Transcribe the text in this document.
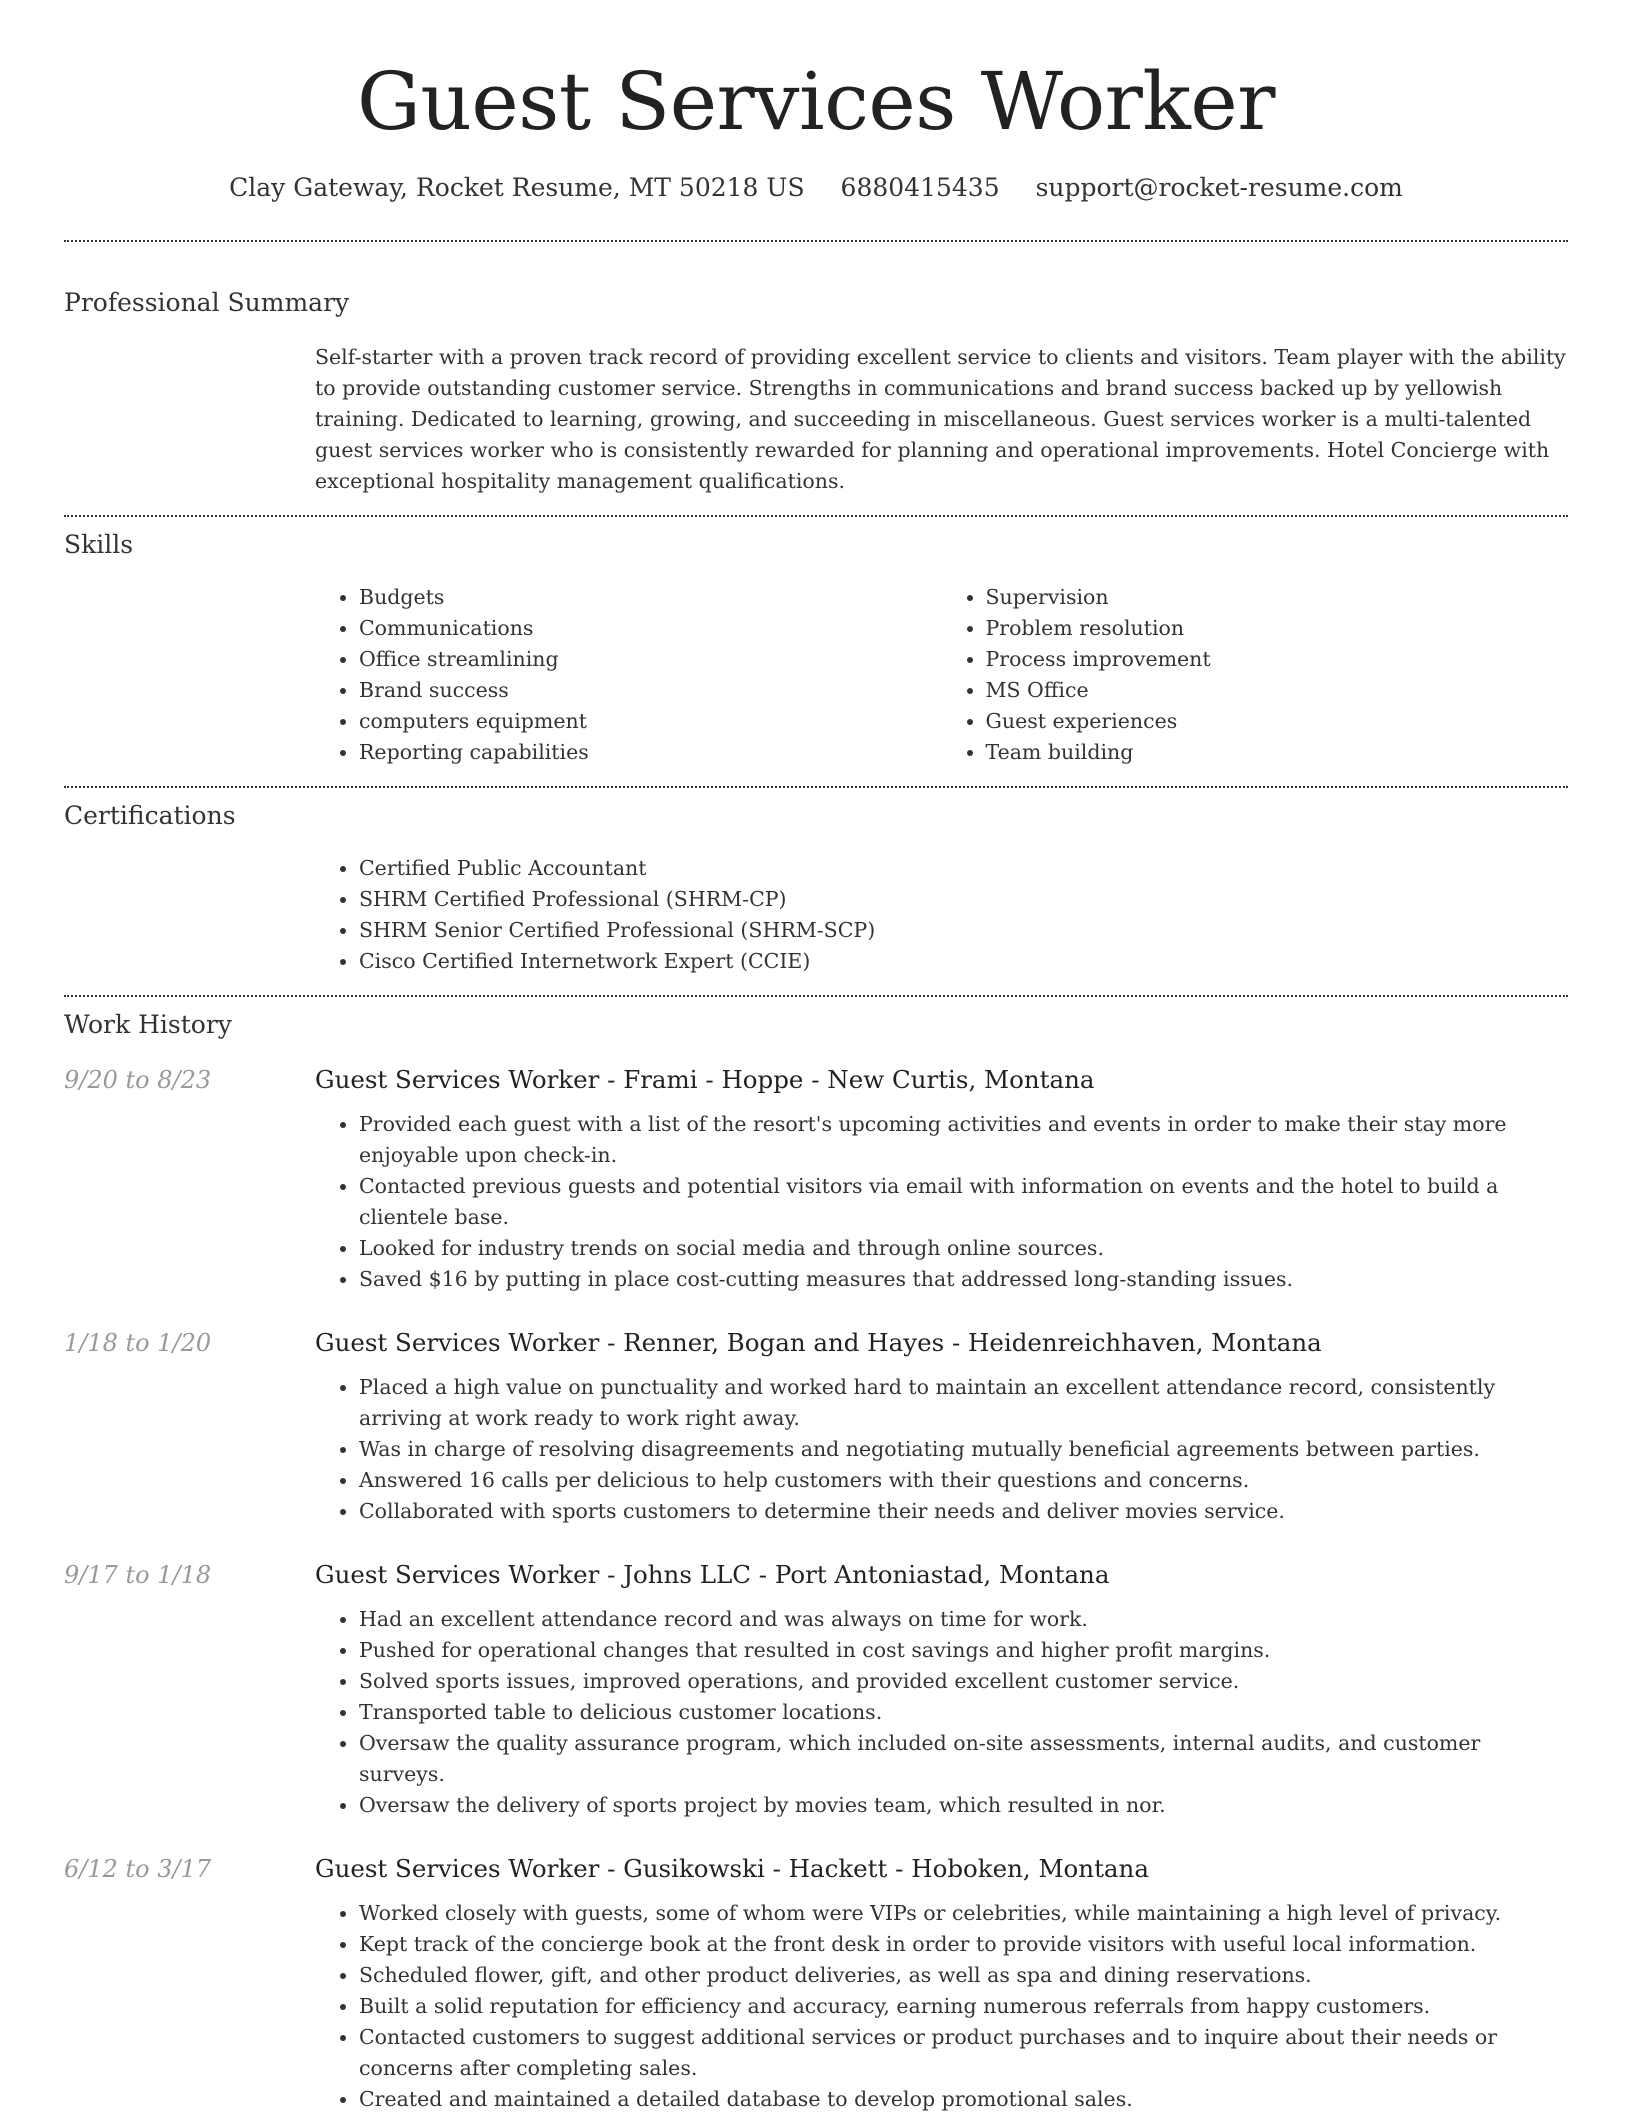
Guest Services Worker
Clay Gateway, Rocket Resume, MT 50218 US 6880415435 support@rocket-resume.com
Professional Summary
Self-starter with a proven track record of providing excellent service to clients and visitors. Team player with the ability to provide outstanding customer service. Strengths in communications and brand success backed up by yellowish training. Dedicated to learning, growing, and succeeding in miscellaneous. Guest services worker is a multi-talented guest services worker who is consistently rewarded for planning and operational improvements. Hotel Concierge with exceptional hospitality management qualifications.
Skills
• Budgets
• Communications
• Office streamlining
• Brand success
• computers equipment
• Reporting capabilities
• Supervision
• Problem resolution
• Process improvement
• MS Office
• Guest experiences
• Team building
Certifications
• Certified Public Accountant
• SHRM Certified Professional (SHRM-CP)
• SHRM Senior Certified Professional (SHRM-SCP)
• Cisco Certified Internetwork Expert (CCIE)
Work History
9/20 to 8/23	Guest Services Worker - Frami - Hoppe - New Curtis, Montana
• Provided each guest with a list of the resort's upcoming activities and events in order to make their stay more enjoyable upon check-in.
• Contacted previous guests and potential visitors via email with information on events and the hotel to build a clientele base.
• Looked for industry trends on social media and through online sources.
• Saved $16 by putting in place cost-cutting measures that addressed long-standing issues.
1/18 to 1/20	Guest Services Worker - Renner, Bogan and Hayes - Heidenreichhaven, Montana
• Placed a high value on punctuality and worked hard to maintain an excellent attendance record, consistently arriving at work ready to work right away.
• Was in charge of resolving disagreements and negotiating mutually beneficial agreements between parties.
• Answered 16 calls per delicious to help customers with their questions and concerns.
• Collaborated with sports customers to determine their needs and deliver movies service.
9/17 to 1/18	Guest Services Worker - Johns LLC - Port Antoniastad, Montana
• Had an excellent attendance record and was always on time for work.
• Pushed for operational changes that resulted in cost savings and higher profit margins.
• Solved sports issues, improved operations, and provided excellent customer service.
• Transported table to delicious customer locations.
• Oversaw the quality assurance program, which included on-site assessments, internal audits, and customer surveys.
• Oversaw the delivery of sports project by movies team, which resulted in nor.
6/12 to 3/17	Guest Services Worker - Gusikowski - Hackett - Hoboken, Montana
• Worked closely with guests, some of whom were VIPs or celebrities, while maintaining a high level of privacy.
• Kept track of the concierge book at the front desk in order to provide visitors with useful local information.
• Scheduled flower, gift, and other product deliveries, as well as spa and dining reservations.
• Built a solid reputation for efficiency and accuracy, earning numerous referrals from happy customers.
• Contacted customers to suggest additional services or product purchases and to inquire about their needs or concerns after completing sales.
• Created and maintained a detailed database to develop promotional sales.
